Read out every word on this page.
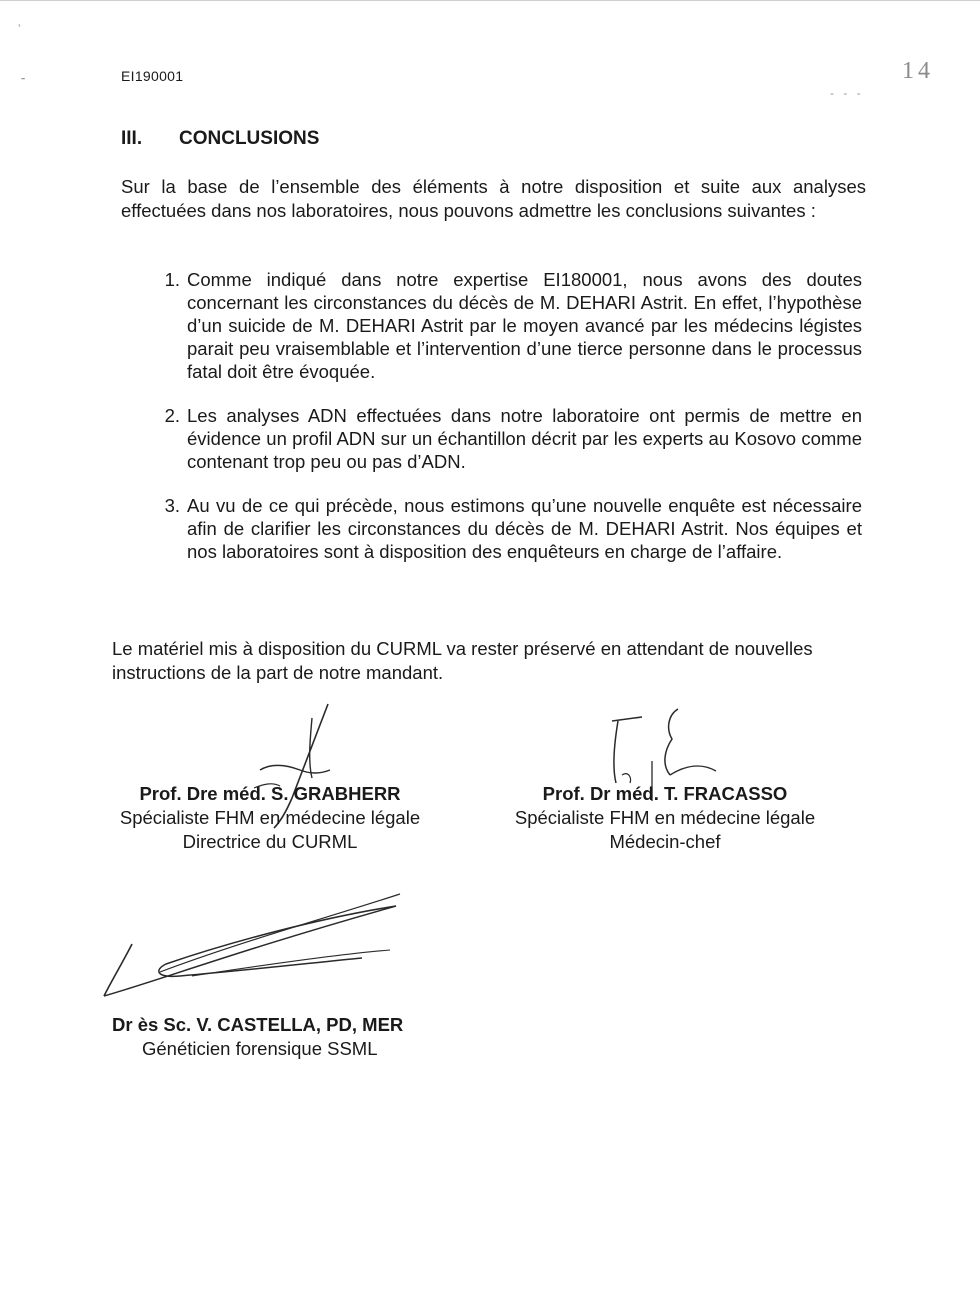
ʼ
⁃	EI190001	14
- - -
III. CONCLUSIONS
Sur la base de l’ensemble des éléments à notre disposition et suite aux analyses effectuées dans nos laboratoires, nous pouvons admettre les conclusions suivantes :
1. Comme indiqué dans notre expertise EI180001, nous avons des doutes concernant les circonstances du décès de M. DEHARI Astrit. En effet, l’hypothèse d’un suicide de M. DEHARI Astrit par le moyen avancé par les médecins légistes parait peu vraisemblable et l’intervention d’une tierce personne dans le processus fatal doit être évoquée.
2. Les analyses ADN effectuées dans notre laboratoire ont permis de mettre en évidence un profil ADN sur un échantillon décrit par les experts au Kosovo comme contenant trop peu ou pas d’ADN.
3. Au vu de ce qui précède, nous estimons qu’une nouvelle enquête est nécessaire afin de clarifier les circonstances du décès de M. DEHARI Astrit. Nos équipes et nos laboratoires sont à disposition des enquêteurs en charge de l’affaire.
Le matériel mis à disposition du CURML va rester préservé en attendant de nouvelles instructions de la part de notre mandant.
Prof. Dre méd. S. GRABHERR
Spécialiste FHM en médecine légale
Directrice du CURML
Prof. Dr méd. T. FRACASSO
Spécialiste FHM en médecine légale
Médecin-chef
Dr ès Sc. V. CASTELLA, PD, MER
Généticien forensique SSML
